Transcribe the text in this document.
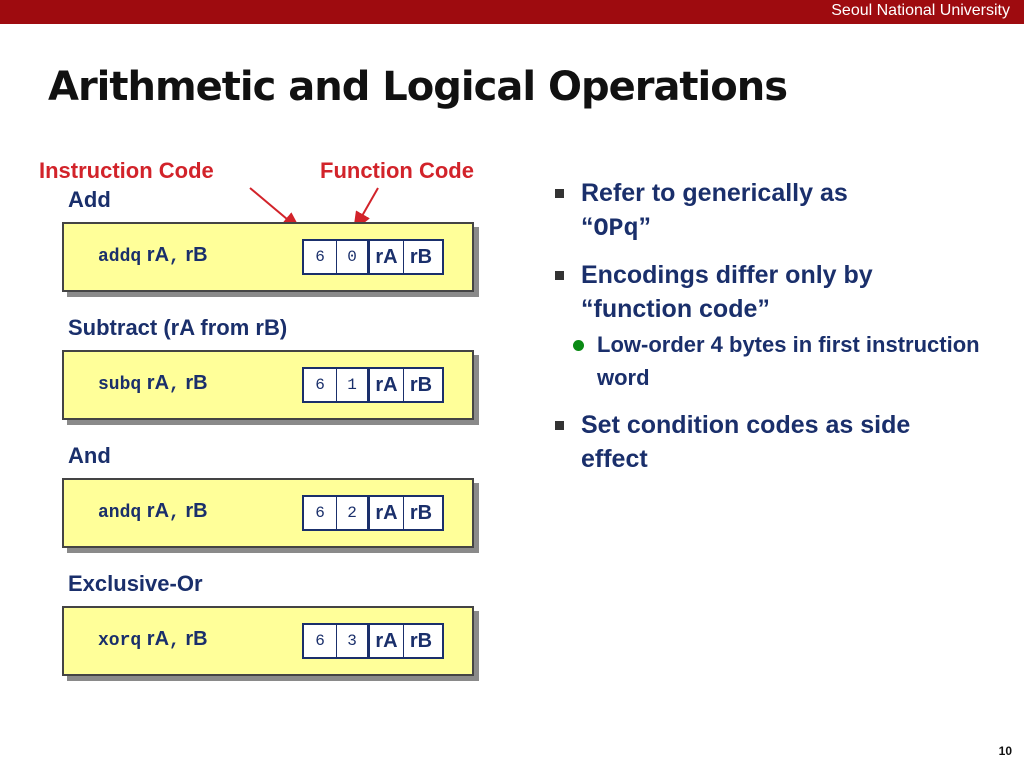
Seoul National University
Arithmetic and Logical Operations
Instruction Code	Function Code
Add
addq rA, rB	6	0 rA rB
Subtract (rA from rB)
subq rA, rB	6	1 rA rB
And
andq rA, rB	6	2 rA rB
Exclusive-Or
xorq rA, rB	6	3 rA rB
Refer to generically as
“OPq”
Encodings differ only by “function code”
Low-order 4 bytes in first instruction word
Set condition codes as side effect
10
